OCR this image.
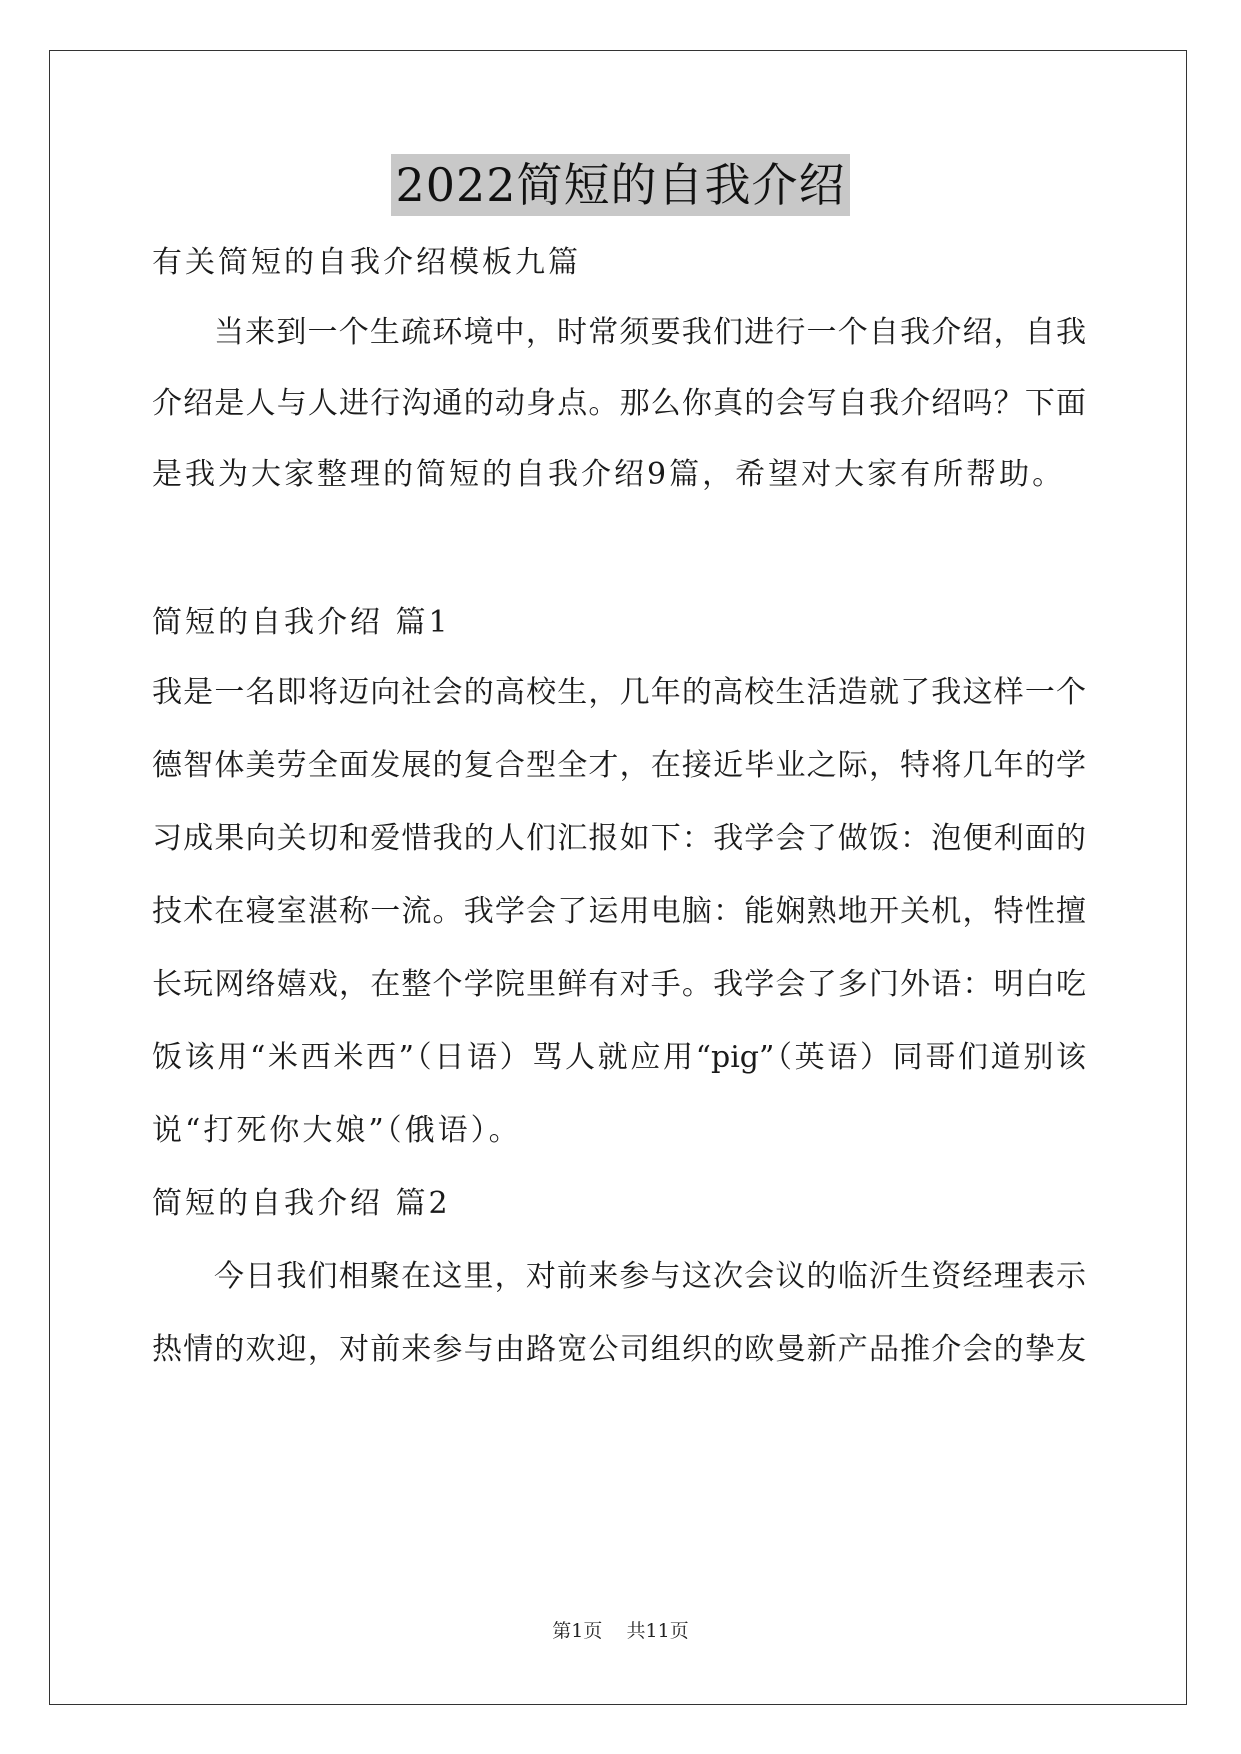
2022简短的自我介绍
有关简短的自我介绍模板九篇
当来到一个生疏环境中，时常须要我们进行一个自我介绍，自我
介绍是人与人进行沟通的动身点。那么你真的会写自我介绍吗？下面
是我为大家整理的简短的自我介绍9篇，希望对大家有所帮助。
简短的自我介绍 篇1
我是一名即将迈向社会的高校生，几年的高校生活造就了我这样一个
德智体美劳全面发展的复合型全才，在接近毕业之际，特将几年的学
习成果向关切和爱惜我的人们汇报如下：我学会了做饭：泡便利面的
技术在寝室湛称一流。我学会了运用电脑：能娴熟地开关机，特性擅
长玩网络嬉戏，在整个学院里鲜有对手。我学会了多门外语：明白吃
饭该用“米西米西”（日语）骂人就应用“pig”（英语）同哥们道别该
说“打死你大娘”（俄语）。
简短的自我介绍 篇2
今日我们相聚在这里，对前来参与这次会议的临沂生资经理表示
热情的欢迎，对前来参与由路宽公司组织的欧曼新产品推介会的挚友
第1页 共11页
